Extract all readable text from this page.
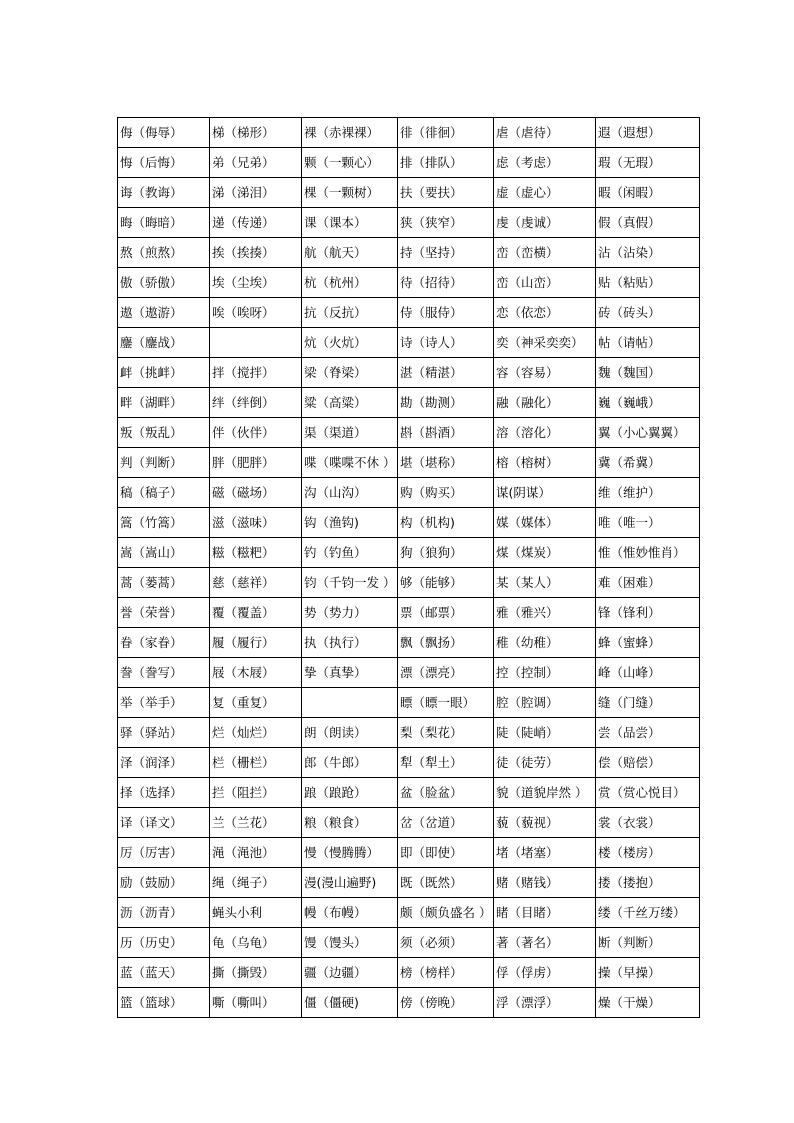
侮（侮辱）	梯（梯形）	裸（赤裸裸）	徘（徘徊）	虐（虐待）	遐（遐想）
悔（后悔）	弟（兄弟）	颗（一颗心）	排（排队）	虑（考虑）	瑕（无瑕）
诲（教诲）	涕（涕泪）	棵（一颗树）	扶（要扶）	虚（虚心）	暇（闲暇）
晦（晦暗）	递（传递）	课（课本）	狭（狭窄）	虔（虔诚）	假（真假）
熬（煎熬）	挨（挨揍）	航（航天）	持（坚持）	峦（峦横）	沾（沾染）
傲（骄傲）	埃（尘埃）	杭（杭州）	待（招待）	峦（山峦）	贴（粘贴）
遨（遨游）	唉（唉呀）	抗（反抗）	侍（服侍）	恋（依恋）	砖（砖头）
鏖（鏖战）		炕（火炕）	诗（诗人）	奕（神采奕奕）	帖（请帖）
衅（挑衅）	拌（搅拌）	梁（脊梁）	湛（精湛）	容（容易）	魏（魏国）
畔（湖畔）	绊（绊倒）	粱（高粱）	勘（勘测）	融（融化）	巍（巍峨）
叛（叛乱）	伴（伙伴）	渠（渠道）	斟（斟酒）	溶（溶化）	翼（小心翼翼）
判（判断）	胖（肥胖）	喋（喋喋不休 ）	堪（堪称）	榕（榕树）	冀（希冀）
稿（稿子）	磁（磁场）	沟（山沟）	购（购买）	谋(阴谋）	维（维护）
篙（竹篙）	滋（滋味）	钩（渔钩)	构（机构)	媒（媒体）	唯（唯一）
嵩（嵩山）	糍（糍粑）	钓（钓鱼）	狗（狼狗）	煤（煤炭）	惟（惟妙惟肖）
蒿（蒌蒿）	慈（慈祥）	钧（千钧一发 ）	够（能够）	某（某人）	难（困难）
誉（荣誉）	覆（覆盖）	势（势力）	票（邮票）	雅（雅兴）	锋（锋利）
眷（家眷）	履（履行）	执（执行）	飘（飘扬）	稚（幼稚）	蜂（蜜蜂）
誊（誊写）	屐（木屐）	挚（真挚）	漂（漂亮）	控（控制）	峰（山峰）
举（举手）	复（重复）		瞟（瞟一眼）	腔（腔调）	缝（门缝）
驿（驿站）	烂（灿烂）	朗（朗读）	梨（梨花）	陡（陡峭）	尝（品尝）
泽（润泽）	栏（栅栏）	郎（牛郎）	犁（犁土）	徒（徒劳）	偿（赔偿）
择（选择）	拦（阻拦）	踉（踉跄）	盆（脸盆）	貌（道貌岸然 ）	赏（赏心悦目）
译（译文）	兰（兰花）	粮（粮食）	岔（岔道）	藐（藐视）	裳（衣裳）
厉（厉害）	渑（渑池）	慢（慢腾腾）	即（即使）	堵（堵塞）	楼（楼房）
励（鼓励）	绳（绳子）	漫(漫山遍野)	既（既然）	赌（赌钱）	搂（搂抱）
沥（沥青）	蝇头小利	幔（布幔）	颇（颇负盛名 ）	睹（目睹）	缕（千丝万缕）
历（历史）	龟（乌龟）	馒（馒头）	须（必须）	著（著名）	断（判断）
蓝（蓝天）	撕（撕毁）	疆（边疆）	榜（榜样）	俘（俘虏）	操（早操）
篮（篮球）	嘶（嘶叫）	僵（僵硬)	傍（傍晚）	浮（漂浮）	燥（干燥）
